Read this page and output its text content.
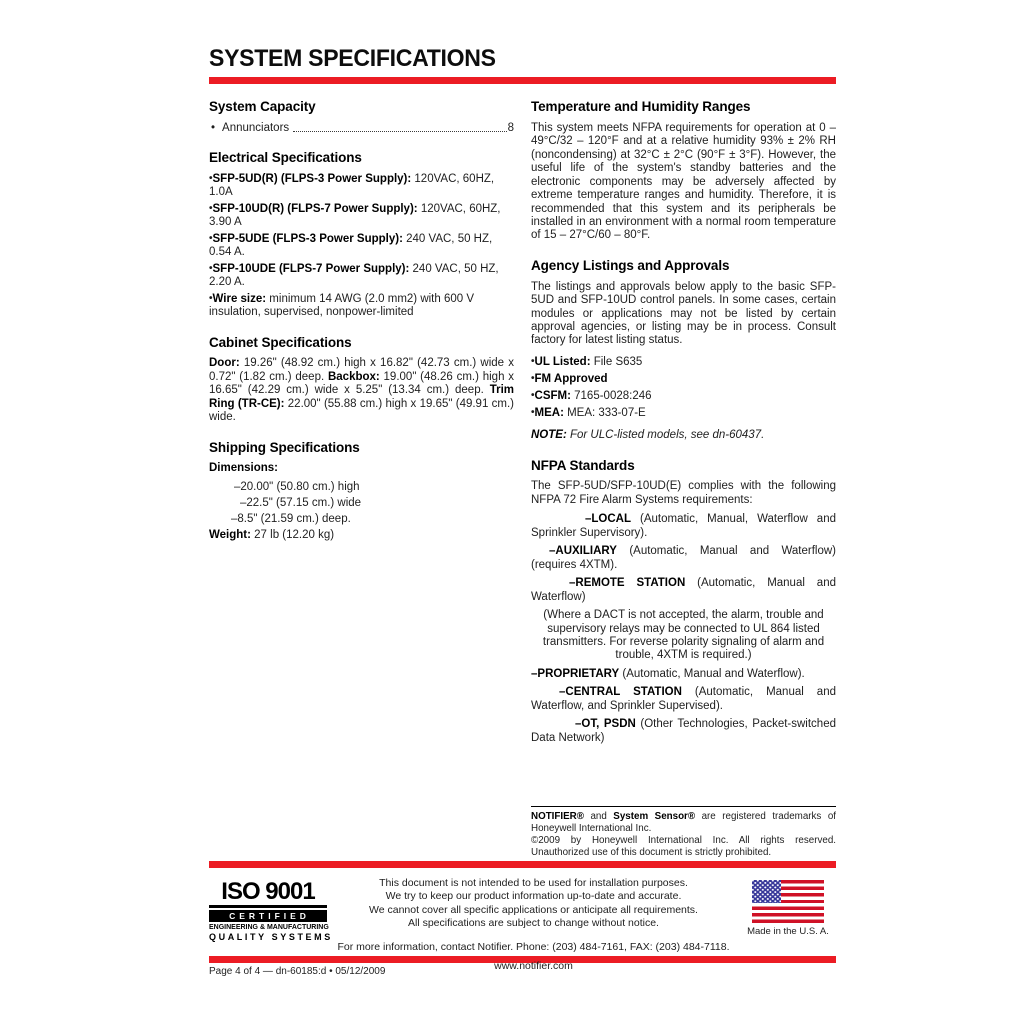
SYSTEM SPECIFICATIONS
System Capacity
• Annunciators	8
Electrical Specifications

•SFP-5UD(R) (FLPS-3 Power Supply): 120VAC, 60HZ, 1.0A

•SFP-10UD(R) (FLPS-7 Power Supply): 120VAC, 60HZ, 3.90 A

•SFP-5UDE (FLPS-3 Power Supply): 240 VAC, 50 HZ, 0.54 A.

•SFP-10UDE (FLPS-7 Power Supply): 240 VAC, 50 HZ, 2.20 A.

•Wire size: minimum 14 AWG (2.0 mm2) with 600 V insulation, supervised, nonpower-limited

Cabinet Specifications

Door: 19.26" (48.92 cm.) high x 16.82" (42.73 cm.) wide x 0.72" (1.82 cm.) deep. Backbox: 19.00" (48.26 cm.) high x 16.65" (42.29 cm.) wide x 5.25" (13.34 cm.) deep. Trim Ring (TR-CE): 22.00" (55.88 cm.) high x 19.65" (49.91 cm.) wide.

Shipping Specifications

Dimensions:

–20.00" (50.80 cm.) high
–22.5" (57.15 cm.) wide
–8.5" (21.59 cm.) deep.

Weight: 27 lb (12.20 kg)

Temperature and Humidity Ranges

This system meets NFPA requirements for operation at 0 – 49°C/32 – 120°F and at a relative humidity 93% ± 2% RH (noncondensing) at 32°C ± 2°C (90°F ± 3°F). However, the useful life of the system's standby batteries and the electronic components may be adversely affected by extreme temperature ranges and humidity. Therefore, it is recommended that this system and its peripherals be installed in an environment with a normal room temperature of 15 – 27°C/60 – 80°F.

Agency Listings and Approvals

The listings and approvals below apply to the basic SFP-5UD and SFP-10UD control panels. In some cases, certain modules or applications may not be listed by certain approval agencies, or listing may be in process. Consult factory for latest listing status.

•UL Listed: File S635

•FM Approved

•CSFM: 7165-0028:246

•MEA: MEA: 333-07-E

NOTE: For ULC-listed models, see dn-60437.

NFPA Standards

The SFP-5UD/SFP-10UD(E) complies with the following NFPA 72 Fire Alarm Systems requirements:

–LOCAL (Automatic, Manual, Waterflow and Sprinkler Supervisory).

–AUXILIARY (Automatic, Manual and Waterflow) (requires 4XTM).

–REMOTE STATION (Automatic, Manual and Waterflow)

(Where a DACT is not accepted, the alarm, trouble and supervisory relays may be connected to UL 864 listed transmitters. For reverse polarity signaling of alarm and trouble, 4XTM is required.)

–PROPRIETARY (Automatic, Manual and Waterflow).

–CENTRAL STATION (Automatic, Manual and Waterflow, and Sprinkler Supervised).

–OT, PSDN (Other Technologies, Packet-switched Data Network)

NOTIFIER® and System Sensor® are registered trademarks of Honeywell International Inc.

©2009 by Honeywell International Inc. All rights reserved. Unauthorized use of this document is strictly prohibited.

ISO 9001
CERTIFIED
ENGINEERING & MANUFACTURING
QUALITY SYSTEMS
This document is not intended to be used for installation purposes.
We try to keep our product information up-to-date and accurate.
We cannot cover all specific applications or anticipate all requirements.
All specifications are subject to change without notice.
For more information, contact Notifier. Phone: (203) 484-7161, FAX: (203) 484-7118.
www.notifier.com
Made in the U.S. A.
Page 4 of 4 — dn-60185:d • 05/12/2009
